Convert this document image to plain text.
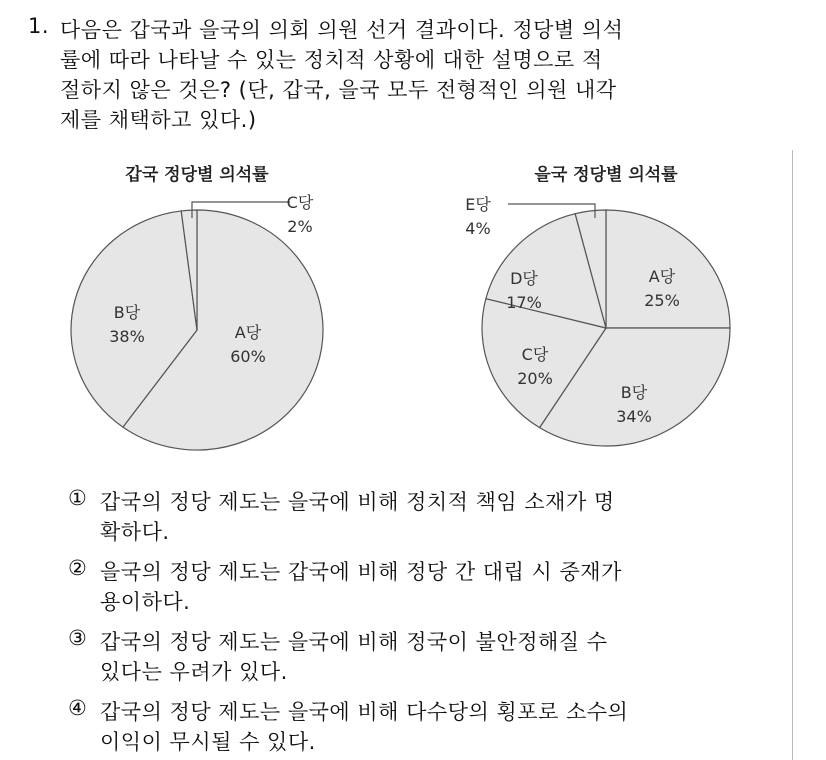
1. 다음은 갑국과 을국의 의회 의원 선거 결과이다. 정당별 의석
률에 따라 나타날 수 있는 정치적 상황에 대한 설명으로 적
절하지 않은 것은? (단, 갑국, 을국 모두 전형적인 의원 내각
제를 채택하고 있다.)
갑국 정당별 의석률	을국 정당별 의석률
A당
60%
B당
38%
C당
2%
A당
25%
B당
34%
C당
20%
D당
17%
E당
4%
① 갑국의 정당 제도는 을국에 비해 정치적 책임 소재가 명
확하다.
② 을국의 정당 제도는 갑국에 비해 정당 간 대립 시 중재가
용이하다.
③ 갑국의 정당 제도는 을국에 비해 정국이 불안정해질 수
있다는 우려가 있다.
④ 갑국의 정당 제도는 을국에 비해 다수당의 횡포로 소수의
이익이 무시될 수 있다.
